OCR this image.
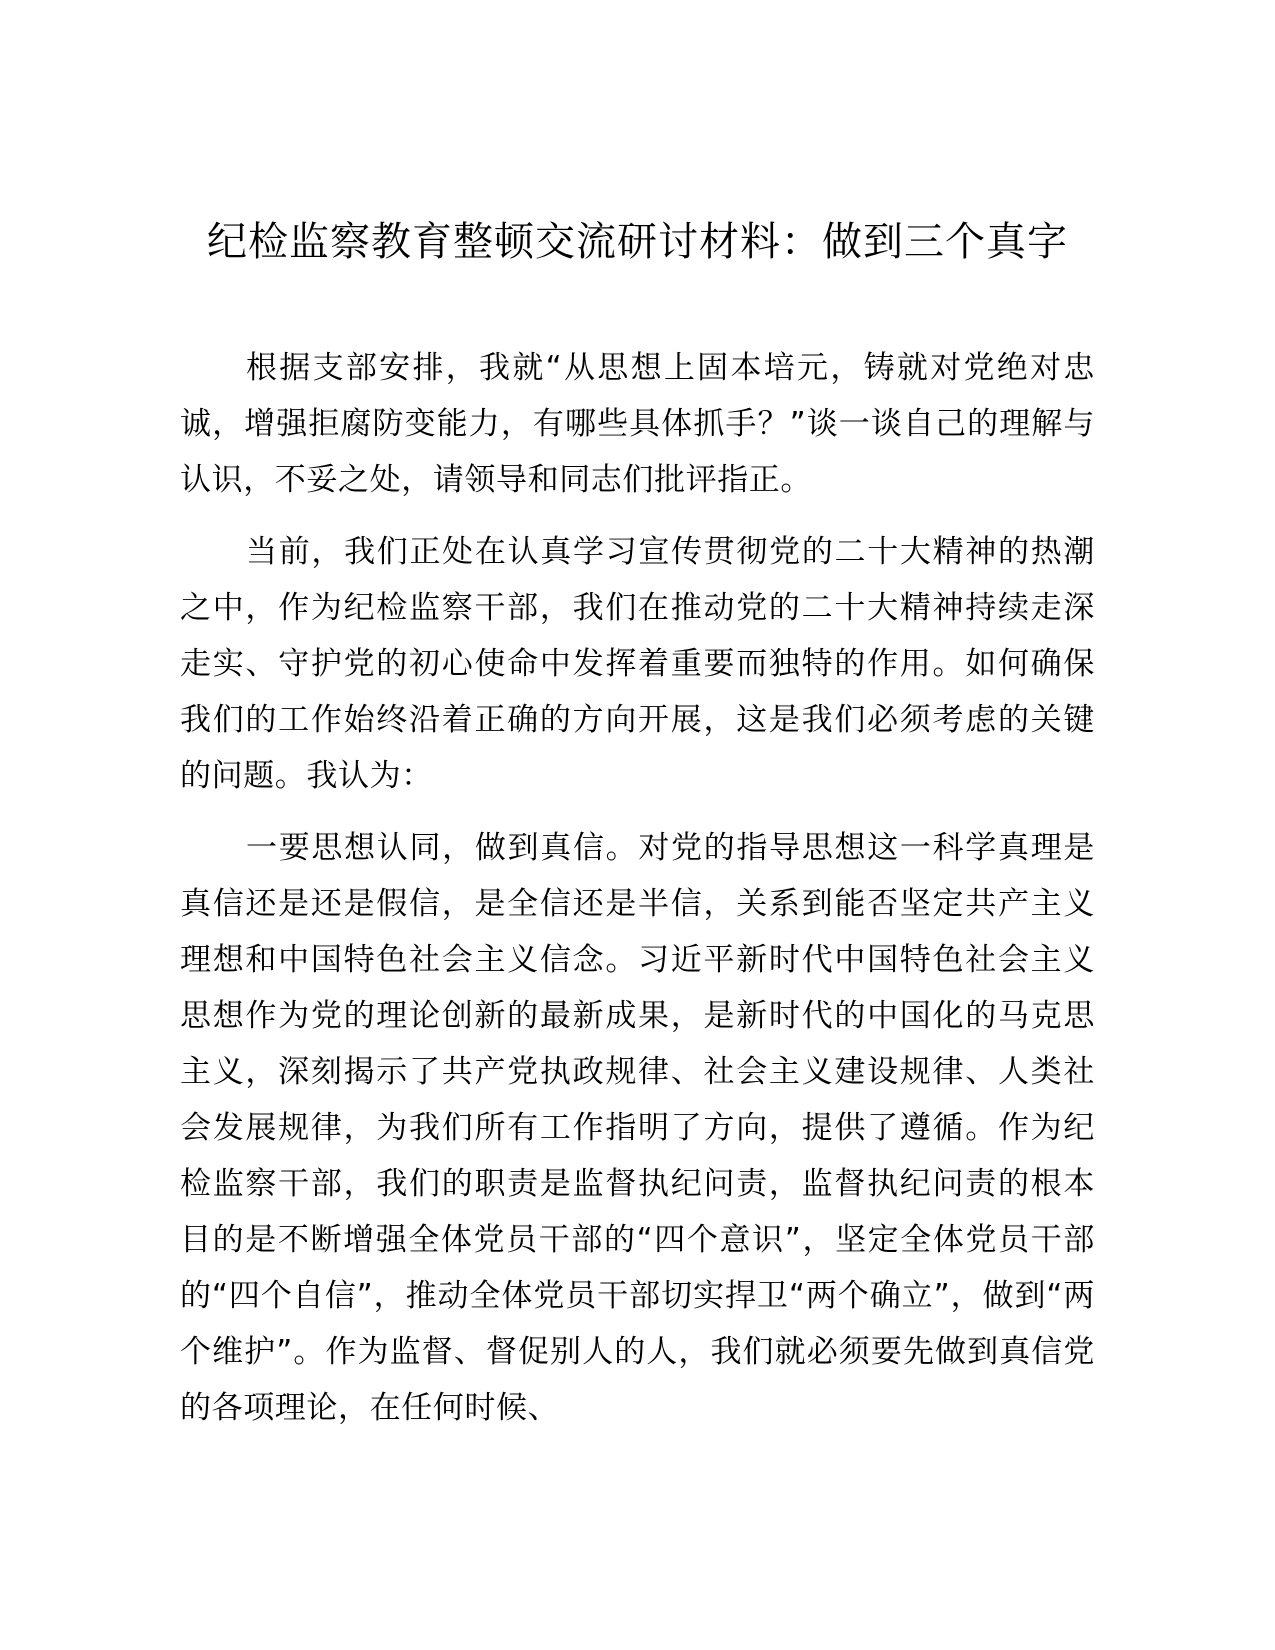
纪检监察教育整顿交流研讨材料：做到三个真字

根据支部安排，我就“从思想上固本培元，铸就对党绝对忠诚，增强拒腐防变能力，有哪些具体抓手？”谈一谈自己的理解与认识，不妥之处，请领导和同志们批评指正。

当前，我们正处在认真学习宣传贯彻党的二十大精神的热潮之中，作为纪检监察干部，我们在推动党的二十大精神持续走深走实、守护党的初心使命中发挥着重要而独特的作用。如何确保我们的工作始终沿着正确的方向开展，这是我们必须考虑的关键的问题。我认为：

一要思想认同，做到真信。对党的指导思想这一科学真理是真信还是还是假信，是全信还是半信，关系到能否坚定共产主义理想和中国特色社会主义信念。习近平新时代中国特色社会主义思想作为党的理论创新的最新成果，是新时代的中国化的马克思主义，深刻揭示了共产党执政规律、社会主义建设规律、人类社会发展规律，为我们所有工作指明了方向，提供了遵循。作为纪检监察干部，我们的职责是监督执纪问责，监督执纪问责的根本目的是不断增强全体党员干部的“四个意识”，坚定全体党员干部的“四个自信”，推动全体党员干部切实捍卫“两个确立”，做到“两个维护”。作为监督、督促别人的人，我们就必须要先做到真信党的各项理论，在任何时候、
